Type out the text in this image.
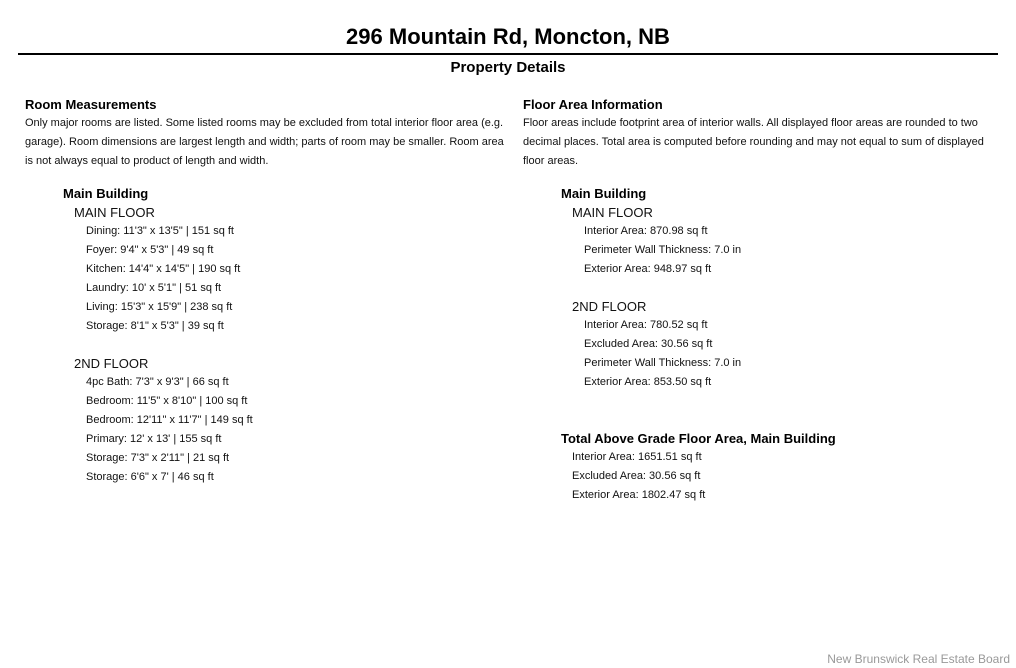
296 Mountain Rd, Moncton, NB
Property Details
Room Measurements
Only major rooms are listed. Some listed rooms may be excluded from total interior floor area (e.g. garage). Room dimensions are largest length and width; parts of room may be smaller. Room area is not always equal to product of length and width.
Main Building
MAIN FLOOR
Dining: 11'3" x 13'5" | 151 sq ft
Foyer: 9'4" x 5'3" | 49 sq ft
Kitchen: 14'4" x 14'5" | 190 sq ft
Laundry: 10' x 5'1" | 51 sq ft
Living: 15'3" x 15'9" | 238 sq ft
Storage: 8'1" x 5'3" | 39 sq ft
2ND FLOOR
4pc Bath: 7'3" x 9'3" | 66 sq ft
Bedroom: 11'5" x 8'10" | 100 sq ft
Bedroom: 12'11" x 11'7" | 149 sq ft
Primary: 12' x 13' | 155 sq ft
Storage: 7'3" x 2'11" | 21 sq ft
Storage: 6'6" x 7' | 46 sq ft
Floor Area Information
Floor areas include footprint area of interior walls. All displayed floor areas are rounded to two decimal places. Total area is computed before rounding and may not equal to sum of displayed floor areas.
Main Building
MAIN FLOOR
Interior Area: 870.98 sq ft
Perimeter Wall Thickness: 7.0 in
Exterior Area: 948.97 sq ft
2ND FLOOR
Interior Area: 780.52 sq ft
Excluded Area: 30.56 sq ft
Perimeter Wall Thickness: 7.0 in
Exterior Area: 853.50 sq ft
Total Above Grade Floor Area, Main Building
Interior Area: 1651.51 sq ft
Excluded Area: 30.56 sq ft
Exterior Area: 1802.47 sq ft
New Brunswick Real Estate Board
